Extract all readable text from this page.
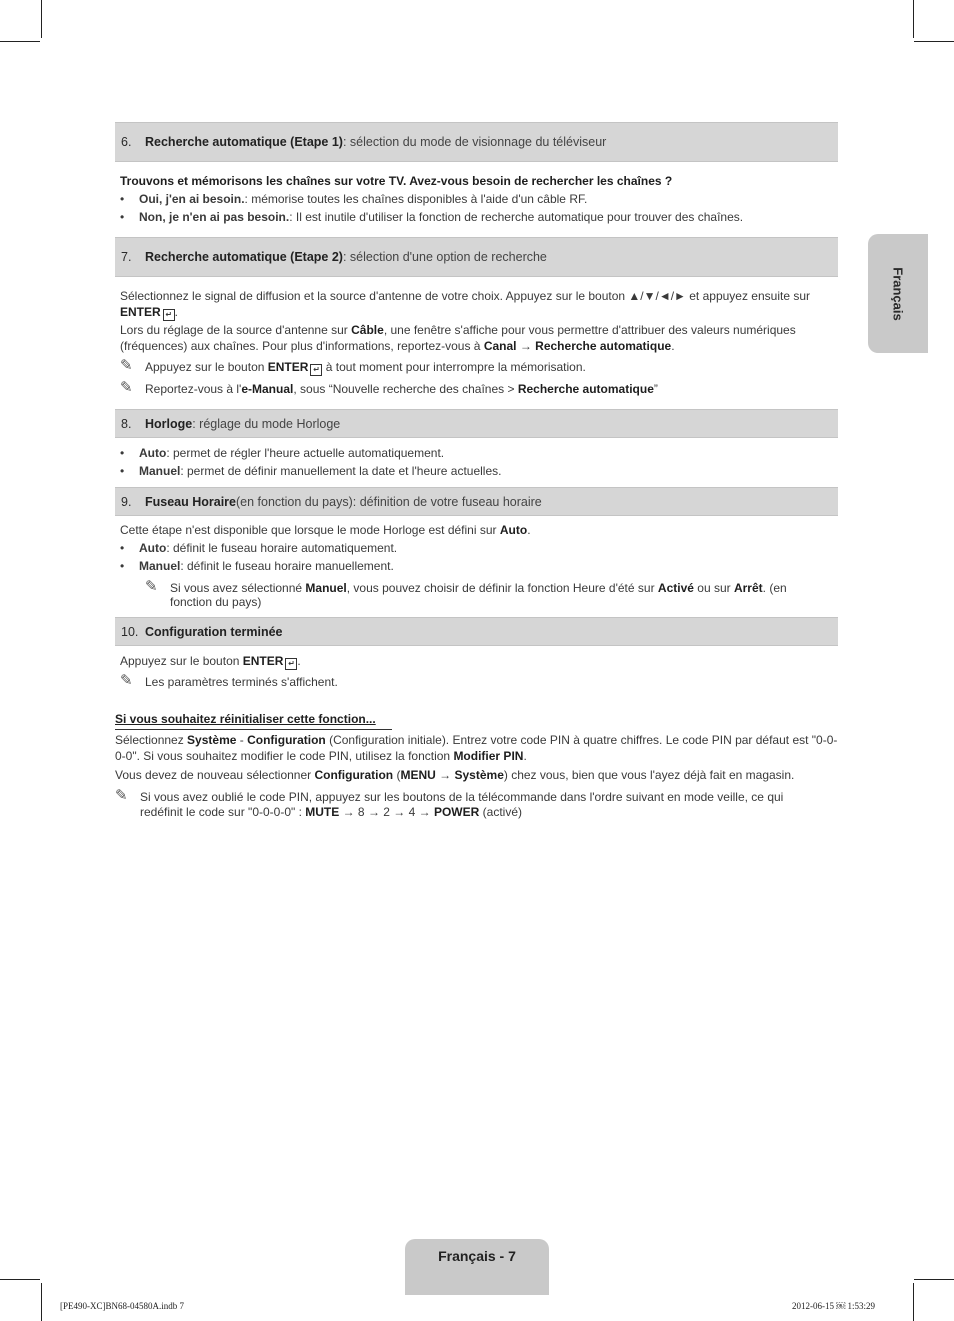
Français
6.	Recherche automatique (Etape 1) : sélection du mode de visionnage du téléviseur
Trouvons et mémorisons les chaînes sur votre TV. Avez-vous besoin de rechercher les chaînes ?
• Oui, j'en ai besoin.: mémorise toutes les chaînes disponibles à l'aide d'un câble RF.
• Non, je n'en ai pas besoin.: Il est inutile d'utiliser la fonction de recherche automatique pour trouver des chaînes.
7.	Recherche automatique (Etape 2) : sélection d'une option de recherche
Sélectionnez le signal de diffusion et la source d'antenne de votre choix. Appuyez sur le bouton ▲/▼/◄/► et appuyez ensuite sur
ENTER ↵ .
Lors du réglage de la source d'antenne sur Câble, une fenêtre s'affiche pour vous permettre d'attribuer des valeurs numériques
(fréquences) aux chaînes. Pour plus d'informations, reportez-vous à Canal → Recherche automatique.
✎ Appuyez sur le bouton ENTER ↵ à tout moment pour interrompre la mémorisation.
✎ Reportez-vous à l'e-Manual, sous “Nouvelle recherche des chaînes > Recherche automatique”
8.	Horloge : réglage du mode Horloge
• Auto: permet de régler l'heure actuelle automatiquement.
• Manuel: permet de définir manuellement la date et l'heure actuelles.
9.	Fuseau Horaire (en fonction du pays): définition de votre fuseau horaire
Cette étape n'est disponible que lorsque le mode Horloge est défini sur Auto.
• Auto: définit le fuseau horaire automatiquement.
• Manuel: définit le fuseau horaire manuellement.
✎ Si vous avez sélectionné Manuel, vous pouvez choisir de définir la fonction Heure d'été sur Activé ou sur Arrêt. (en
fonction du pays)
10. Configuration terminée
Appuyez sur le bouton ENTER ↵ .
✎ Les paramètres terminés s'affichent.
Si vous souhaitez réinitialiser cette fonction...
Sélectionnez Système - Configuration (Configuration initiale). Entrez votre code PIN à quatre chiffres. Le code PIN par défaut est "0-0-
0-0". Si vous souhaitez modifier le code PIN, utilisez la fonction Modifier PIN.
Vous devez de nouveau sélectionner Configuration (MENU → Système) chez vous, bien que vous l'ayez déjà fait en magasin.
✎ Si vous avez oublié le code PIN, appuyez sur les boutons de la télécommande dans l'ordre suivant en mode veille, ce qui
redéfinit le code sur "0-0-0-0" : MUTE → 8 → 2 → 4 → POWER (activé)
Français - 7
[PE490-XC]BN68-04580A.indb 7	2012-06-15 ￼ 1:53:29
